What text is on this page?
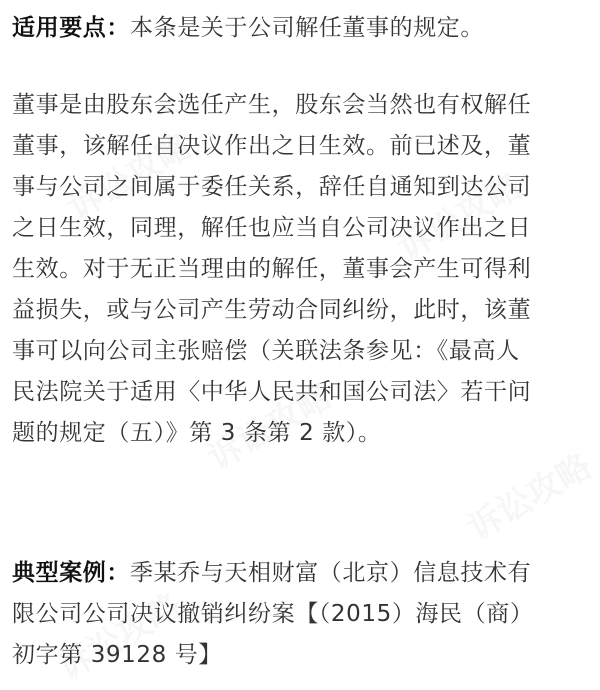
适用要点：本条是关于公司解任董事的规定。

董事是由股东会选任产生，股东会当然也有权解任
董事，该解任自决议作出之日生效。前已述及，董
事与公司之间属于委任关系，辞任自通知到达公司
之日生效，同理，解任也应当自公司决议作出之日
生效。对于无正当理由的解任，董事会产生可得利
益损失，或与公司产生劳动合同纠纷，此时，该董
事可以向公司主张赔偿（关联法条参见：《最高人
民法院关于适用〈中华人民共和国公司法〉若干问
题的规定（五）》第 3 条第 2 款）。

典型案例：季某乔与天相财富（北京）信息技术有
限公司公司决议撤销纠纷案【（2015）海民（商）
初字第 39128 号】
